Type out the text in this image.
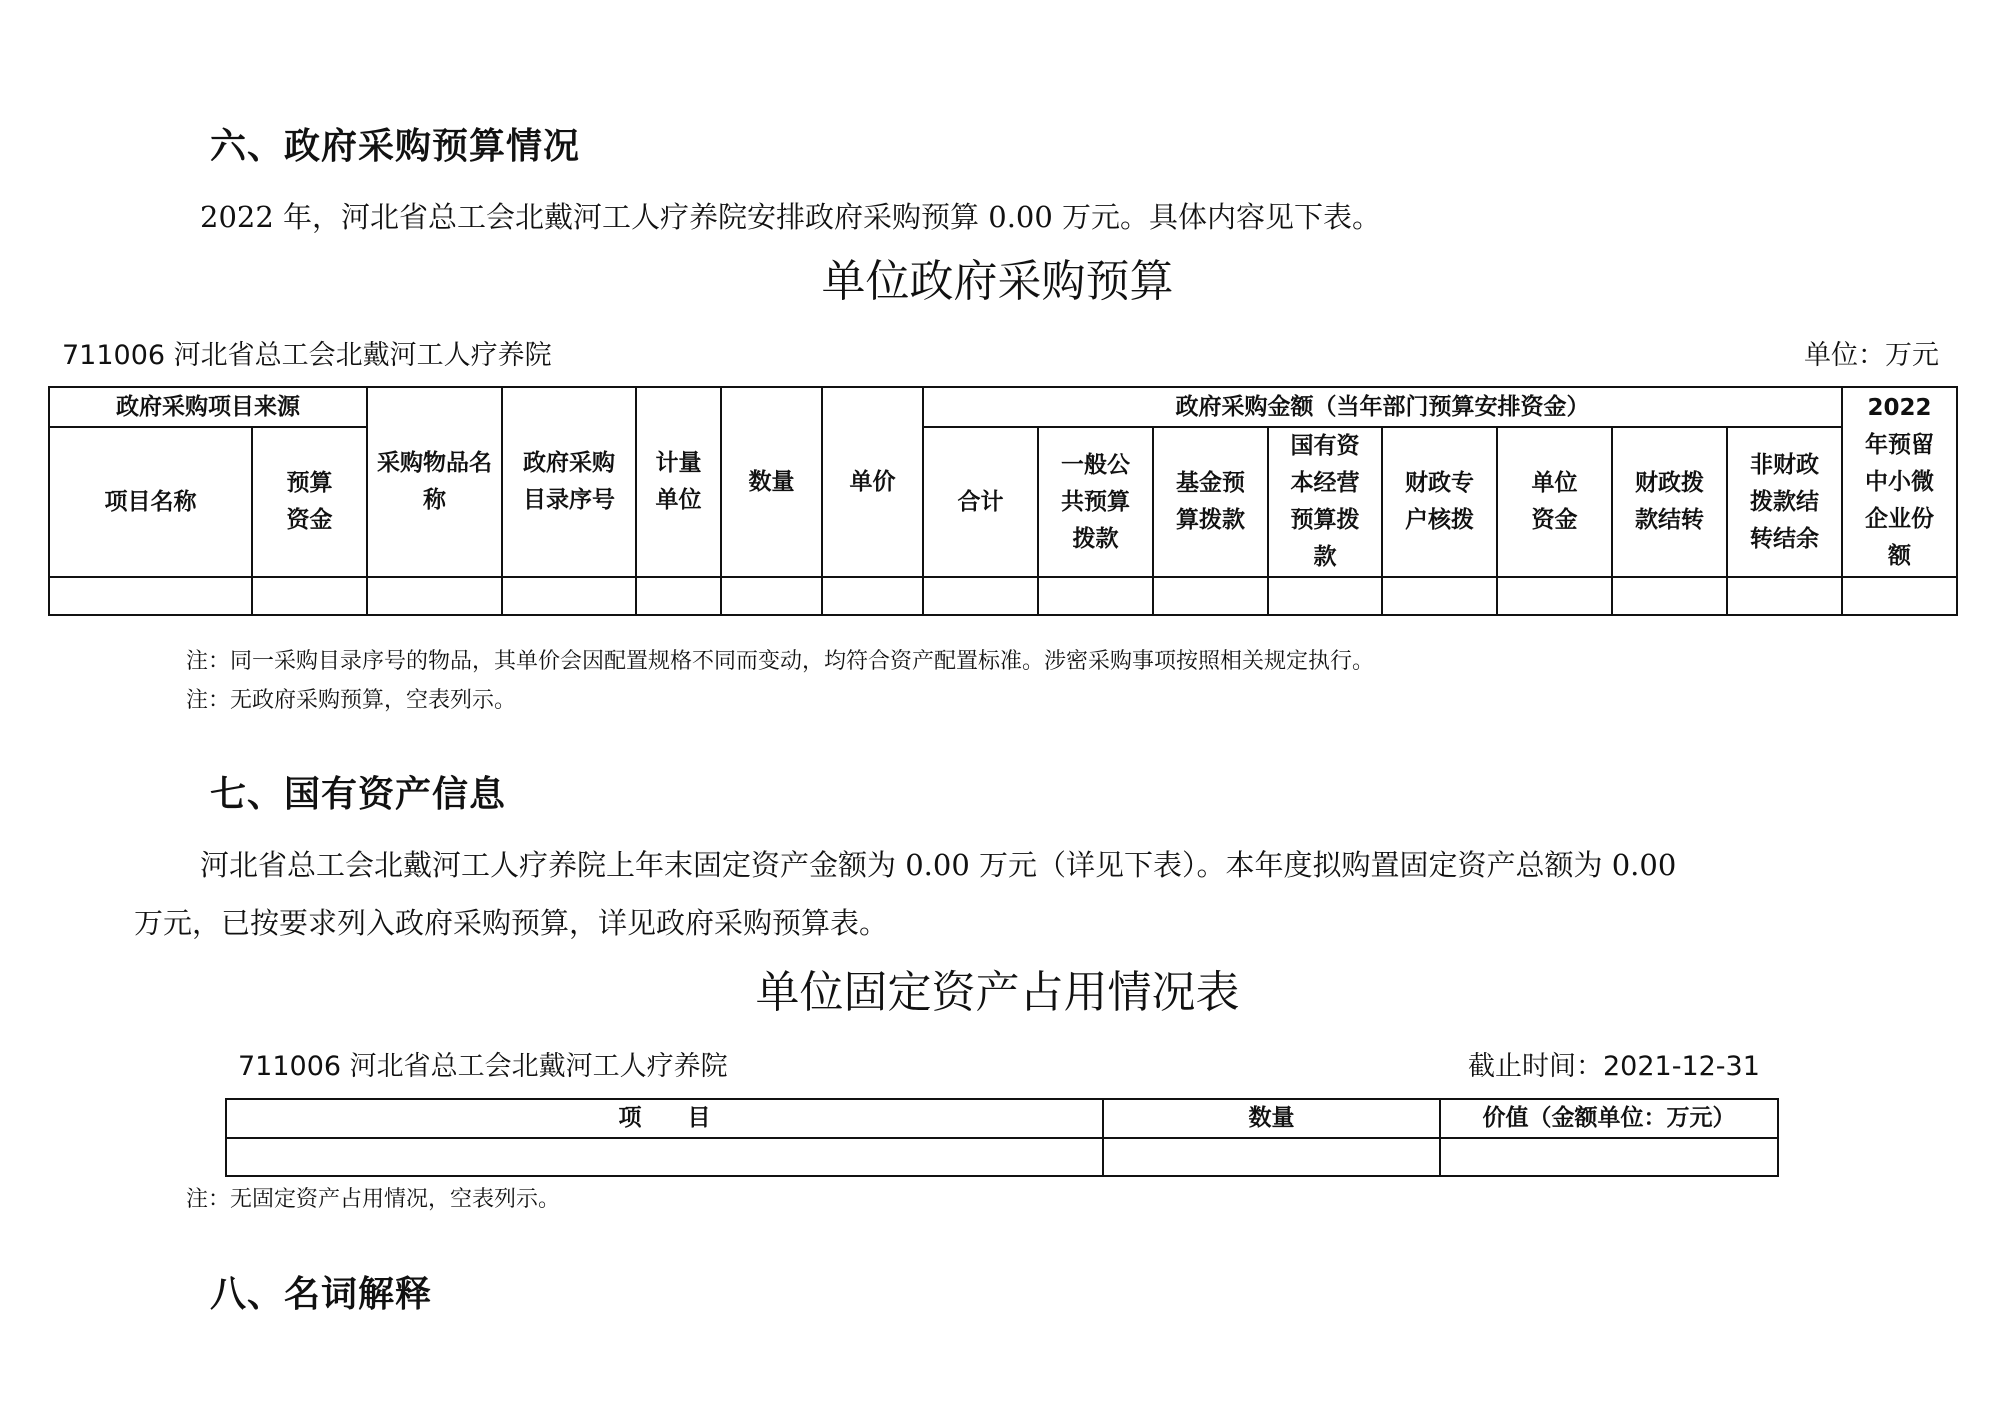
六、政府采购预算情况
2022 年，河北省总工会北戴河工人疗养院安排政府采购预算 0.00 万元。具体内容见下表。
单位政府采购预算
711006 河北省总工会北戴河工人疗养院	单位：万元
政府采购项目来源		采购物品名称	政府采购目录序号	计量单位	数量	单价	政府采购金额（当年部门预算安排资金）								2022 年预留中小微企业份额

项目名称	预算资金						合计	一般公共预算拨款	基金预算拨款	国有资本经营预算拨款	财政专户核拨	单位资金	财政拨款结转	非财政拨款结转结余	

注：同一采购目录序号的物品，其单价会因配置规格不同而变动，均符合资产配置标准。涉密采购事项按照相关规定执行。
注：无政府采购预算，空表列示。
七、国有资产信息
河北省总工会北戴河工人疗养院上年末固定资产金额为 0.00 万元（详见下表）。本年度拟购置固定资产总额为 0.00
万元，已按要求列入政府采购预算，详见政府采购预算表。
单位固定资产占用情况表
711006 河北省总工会北戴河工人疗养院	截止时间：2021-12-31
项　　目	数量	价值（金额单位：万元）

注：无固定资产占用情况，空表列示。
八、名词解释
